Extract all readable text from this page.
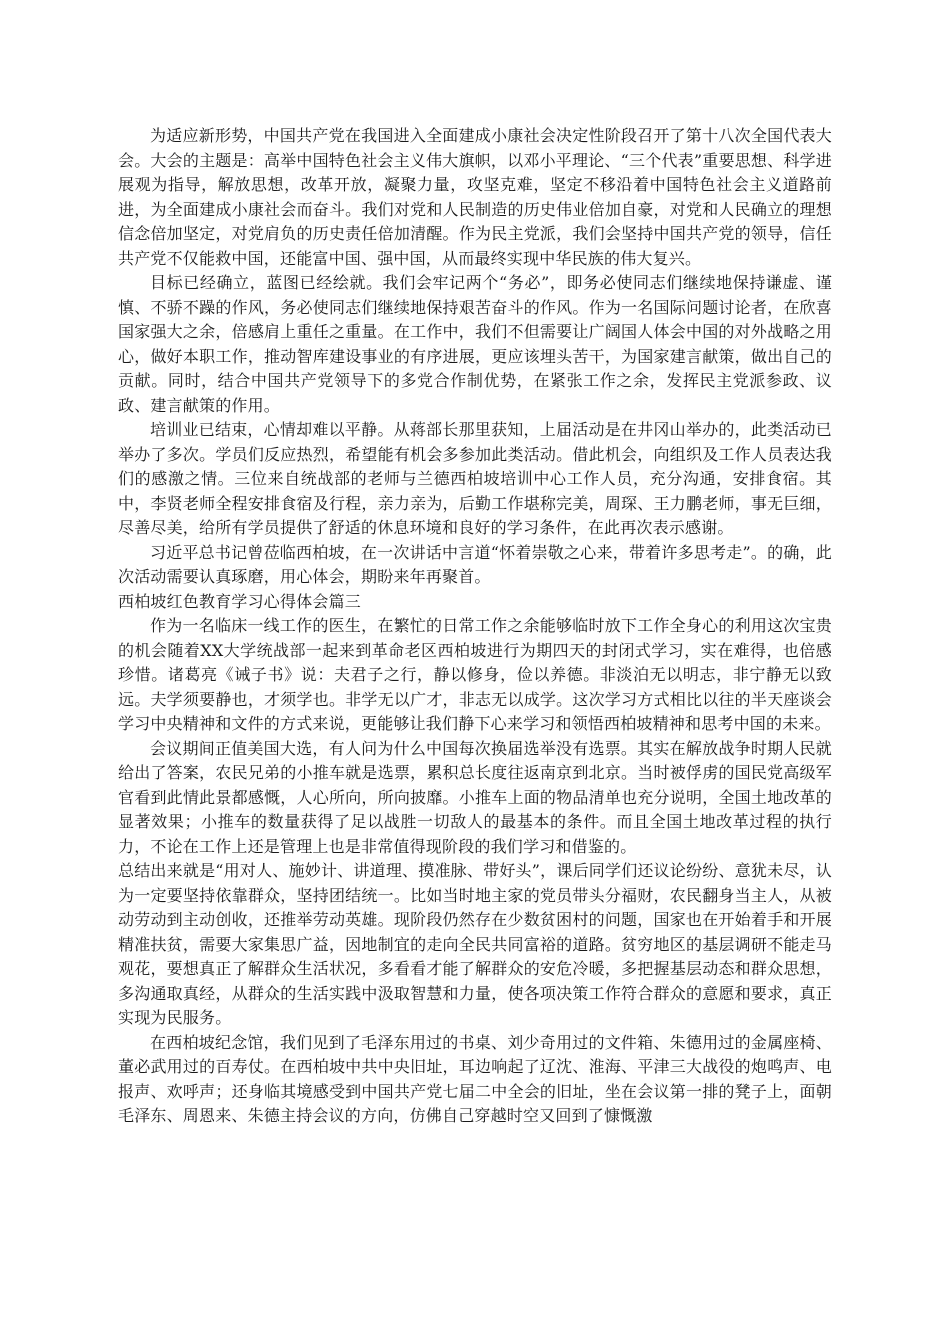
为适应新形势，中国共产党在我国进入全面建成小康社会决定性阶段召开了第十八次全国代表大会。大会的主题是：高举中国特色社会主义伟大旗帜，以邓小平理论、“三个代表”重要思想、科学进展观为指导，解放思想，改革开放，凝聚力量，攻坚克难，坚定不移沿着中国特色社会主义道路前进，为全面建成小康社会而奋斗。我们对党和人民制造的历史伟业倍加自豪，对党和人民确立的理想信念倍加坚定，对党肩负的历史责任倍加清醒。作为民主党派，我们会坚持中国共产党的领导，信任共产党不仅能救中国，还能富中国、强中国，从而最终实现中华民族的伟大复兴。

目标已经确立，蓝图已经绘就。我们会牢记两个“务必”，即务必使同志们继续地保持谦虚、谨慎、不骄不躁的作风，务必使同志们继续地保持艰苦奋斗的作风。作为一名国际问题讨论者，在欣喜国家强大之余，倍感肩上重任之重量。在工作中，我们不但需要让广阔国人体会中国的对外战略之用心，做好本职工作，推动智库建设事业的有序进展，更应该埋头苦干，为国家建言献策，做出自己的贡献。同时，结合中国共产党领导下的多党合作制优势，在紧张工作之余，发挥民主党派参政、议政、建言献策的作用。

培训业已结束，心情却难以平静。从蒋部长那里获知，上届活动是在井冈山举办的，此类活动已举办了多次。学员们反应热烈，希望能有机会多参加此类活动。借此机会，向组织及工作人员表达我们的感激之情。三位来自统战部的老师与兰德西柏坡培训中心工作人员，充分沟通，安排食宿。其中，李贤老师全程安排食宿及行程，亲力亲为，后勤工作堪称完美，周琛、王力鹏老师，事无巨细，尽善尽美，给所有学员提供了舒适的休息环境和良好的学习条件，在此再次表示感谢。

习近平总书记曾莅临西柏坡，在一次讲话中言道“怀着崇敬之心来，带着许多思考走”。的确，此次活动需要认真琢磨，用心体会，期盼来年再聚首。

西柏坡红色教育学习心得体会篇三

作为一名临床一线工作的医生，在繁忙的日常工作之余能够临时放下工作全身心的利用这次宝贵的机会随着XX大学统战部一起来到革命老区西柏坡进行为期四天的封闭式学习，实在难得，也倍感珍惜。诸葛亮《诫子书》说：夫君子之行，静以修身，俭以养德。非淡泊无以明志，非宁静无以致远。夫学须要静也，才须学也。非学无以广才，非志无以成学。这次学习方式相比以往的半天座谈会学习中央精神和文件的方式来说，更能够让我们静下心来学习和领悟西柏坡精神和思考中国的未来。

会议期间正值美国大选，有人问为什么中国每次换届选举没有选票。其实在解放战争时期人民就给出了答案，农民兄弟的小推车就是选票，累积总长度往返南京到北京。当时被俘虏的国民党高级军官看到此情此景都感慨，人心所向，所向披靡。小推车上面的物品清单也充分说明，全国土地改革的显著效果；小推车的数量获得了足以战胜一切敌人的最基本的条件。而且全国土地改革过程的执行力，不论在工作上还是管理上也是非常值得现阶段的我们学习和借鉴的。

总结出来就是“用对人、施妙计、讲道理、摸准脉、带好头”，课后同学们还议论纷纷、意犹未尽，认为一定要坚持依靠群众，坚持团结统一。比如当时地主家的党员带头分福财，农民翻身当主人，从被动劳动到主动创收，还推举劳动英雄。现阶段仍然存在少数贫困村的问题，国家也在开始着手和开展精准扶贫，需要大家集思广益，因地制宜的走向全民共同富裕的道路。贫穷地区的基层调研不能走马观花，要想真正了解群众生活状况，多看看才能了解群众的安危冷暖，多把握基层动态和群众思想，多沟通取真经，从群众的生活实践中汲取智慧和力量，使各项决策工作符合群众的意愿和要求，真正实现为民服务。

在西柏坡纪念馆，我们见到了毛泽东用过的书桌、刘少奇用过的文件箱、朱德用过的金属座椅、董必武用过的百寿仗。在西柏坡中共中央旧址，耳边响起了辽沈、淮海、平津三大战役的炮鸣声、电报声、欢呼声；还身临其境感受到中国共产党七届二中全会的旧址，坐在会议第一排的凳子上，面朝毛泽东、周恩来、朱德主持会议的方向，仿佛自己穿越时空又回到了慷慨激
